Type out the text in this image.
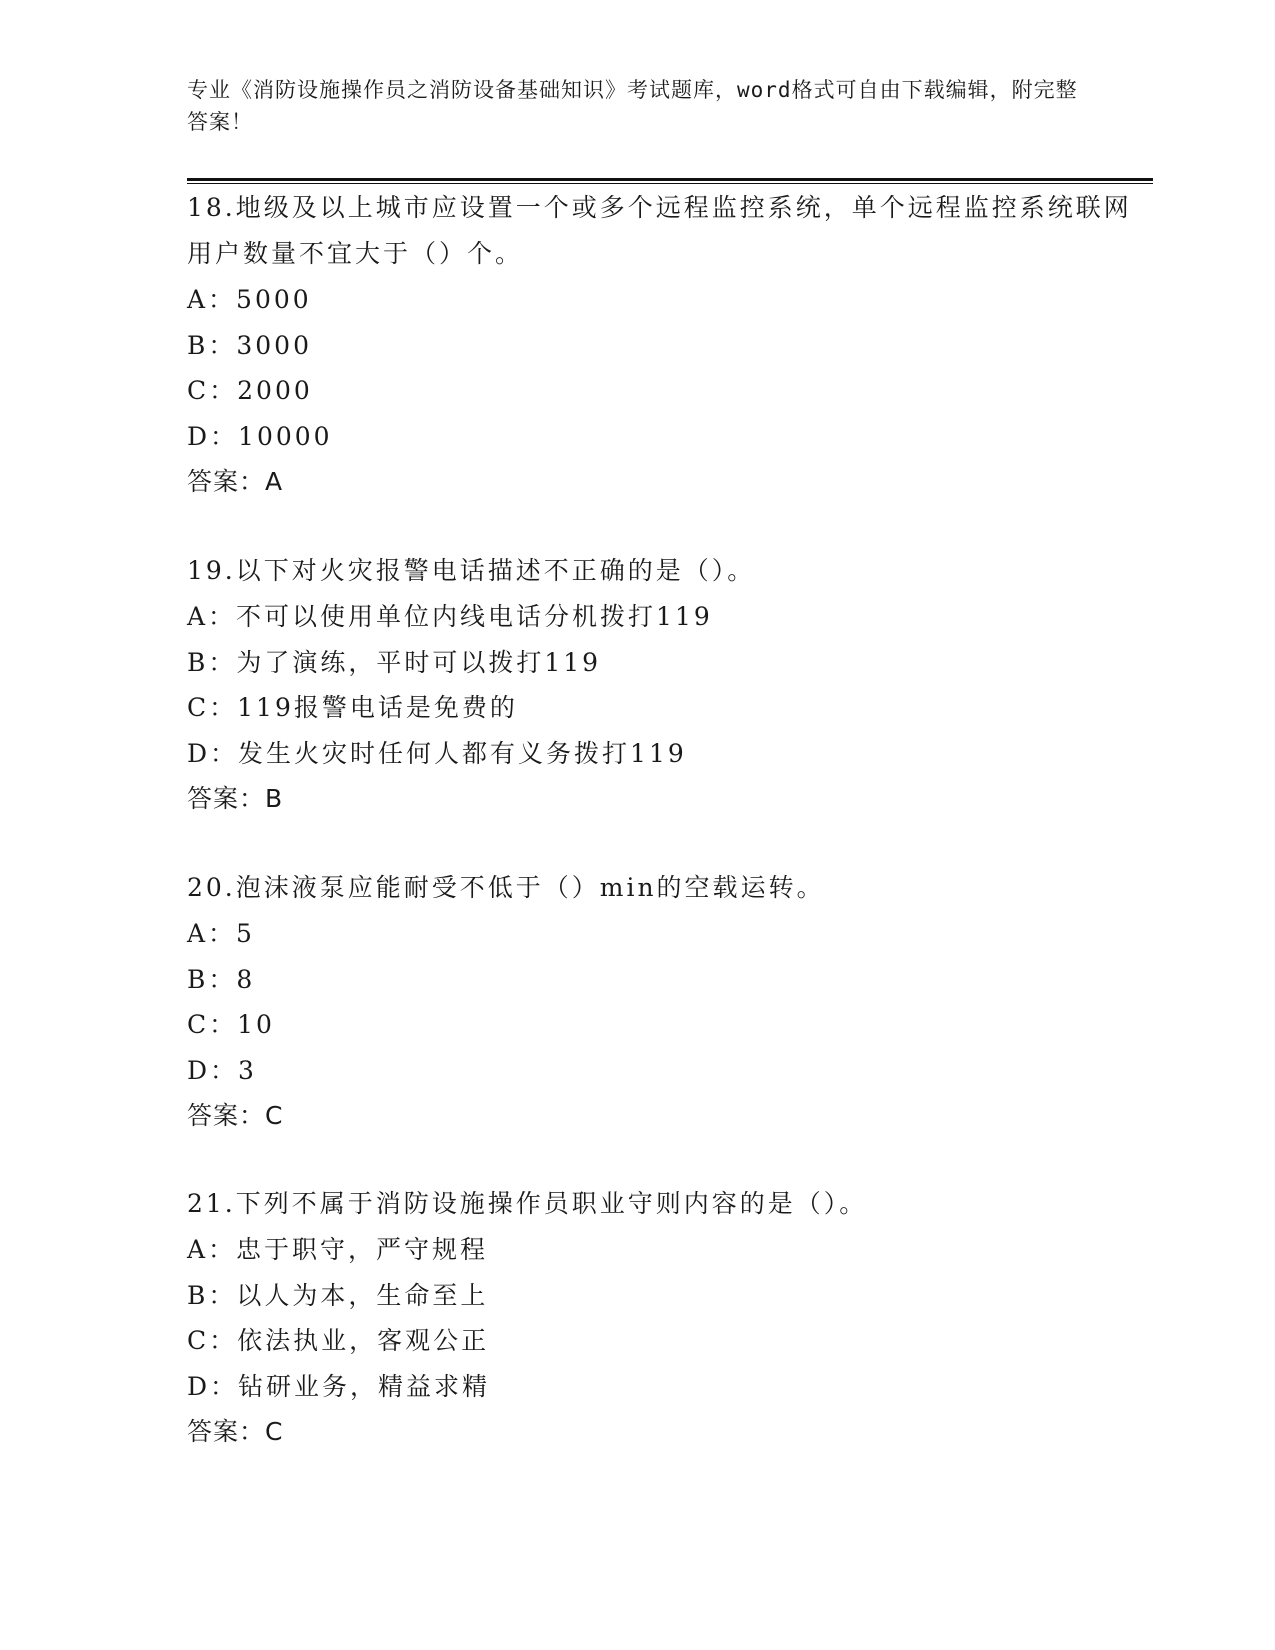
专业《消防设施操作员之消防设备基础知识》考试题库，word格式可自由下载编辑，附完整答案！

18.地级及以上城市应设置一个或多个远程监控系统，单个远程监控系统联网用户数量不宜大于（）个。

A：5000

B：3000

C：2000

D：10000

答案：A

19.以下对火灾报警电话描述不正确的是（）。

A：不可以使用单位内线电话分机拨打119

B：为了演练，平时可以拨打119

C：119报警电话是免费的

D：发生火灾时任何人都有义务拨打119

答案：B

20.泡沫液泵应能耐受不低于（）min的空载运转。

A：5

B：8

C：10

D：3

答案：C

21.下列不属于消防设施操作员职业守则内容的是（）。

A：忠于职守，严守规程

B：以人为本，生命至上

C：依法执业，客观公正

D：钻研业务，精益求精

答案：C
